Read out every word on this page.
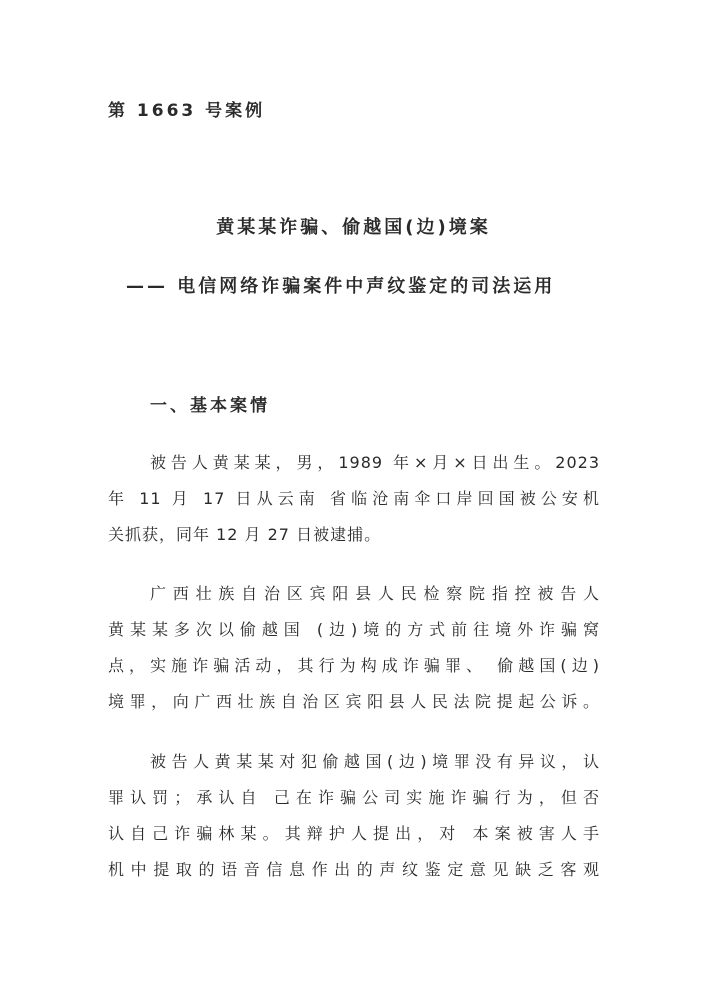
第 1663 号案例
黄某某诈骗、偷越国(边)境案
—— 电信网络诈骗案件中声纹鉴定的司法运用
一、基本案情
被告人黄某某，男，1989 年×月×日出生。2023
年 11 月 17 日从云南 省临沧南伞口岸回国被公安机
关抓获，同年 12 月 27 日被逮捕。
广西壮族自治区宾阳县人民检察院指控被告人
黄某某多次以偷越国 (边)境的方式前往境外诈骗窝
点，实施诈骗活动，其行为构成诈骗罪、 偷越国(边)
境罪，向广西壮族自治区宾阳县人民法院提起公诉。
被告人黄某某对犯偷越国(边)境罪没有异议，认
罪认罚；承认自 己在诈骗公司实施诈骗行为，但否
认自己诈骗林某。其辩护人提出，对 本案被害人手
机中提取的语音信息作出的声纹鉴定意见缺乏客观
